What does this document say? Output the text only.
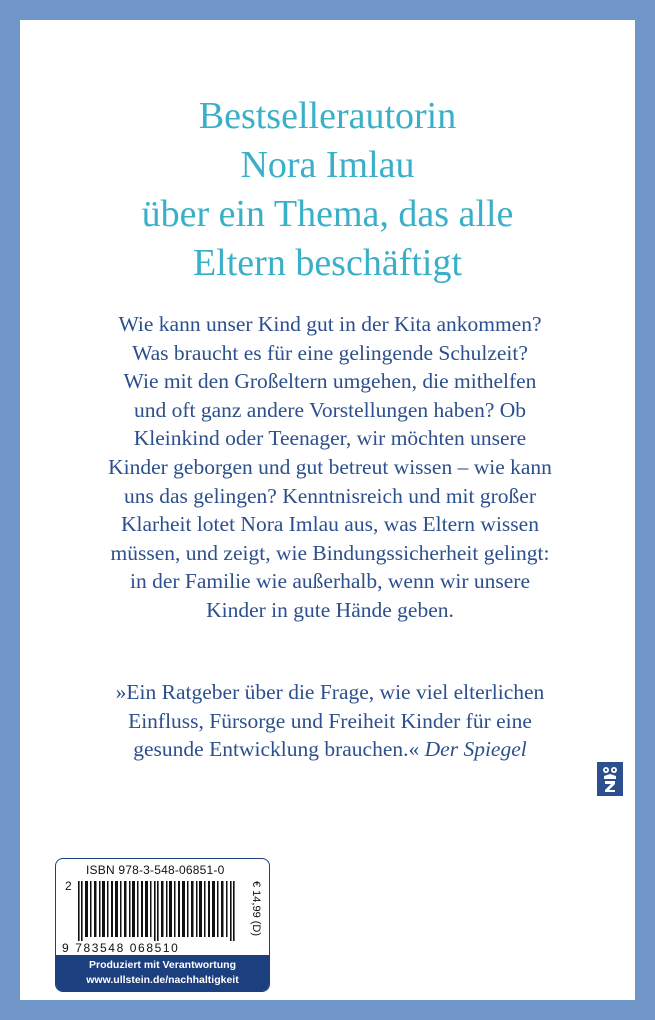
Bestsellerautorin
Nora Imlau
über ein Thema, das alle
Eltern beschäftigt
Wie kann unser Kind gut in der Kita ankommen?
Was braucht es für eine gelingende Schulzeit?
Wie mit den Großeltern umgehen, die mithelfen
und oft ganz andere Vorstellungen haben? Ob
Kleinkind oder Teenager, wir möchten unsere
Kinder geborgen und gut betreut wissen – wie kann
uns das gelingen? Kenntnisreich und mit großer
Klarheit lotet Nora Imlau aus, was Eltern wissen
müssen, und zeigt, wie Bindungssicherheit gelingt:
in der Familie wie außerhalb, wenn wir unsere
Kinder in gute Hände geben.
»Ein Ratgeber über die Frage, wie viel elterlichen
Einfluss, Fürsorge und Freiheit Kinder für eine
gesunde Entwicklung brauchen.« Der Spiegel
ISBN 978-3-548-06851-0
2
9 783548 068510
€ 14,99 (D)
Produziert mit Verantwortung
www.ullstein.de/nachhaltigkeit
